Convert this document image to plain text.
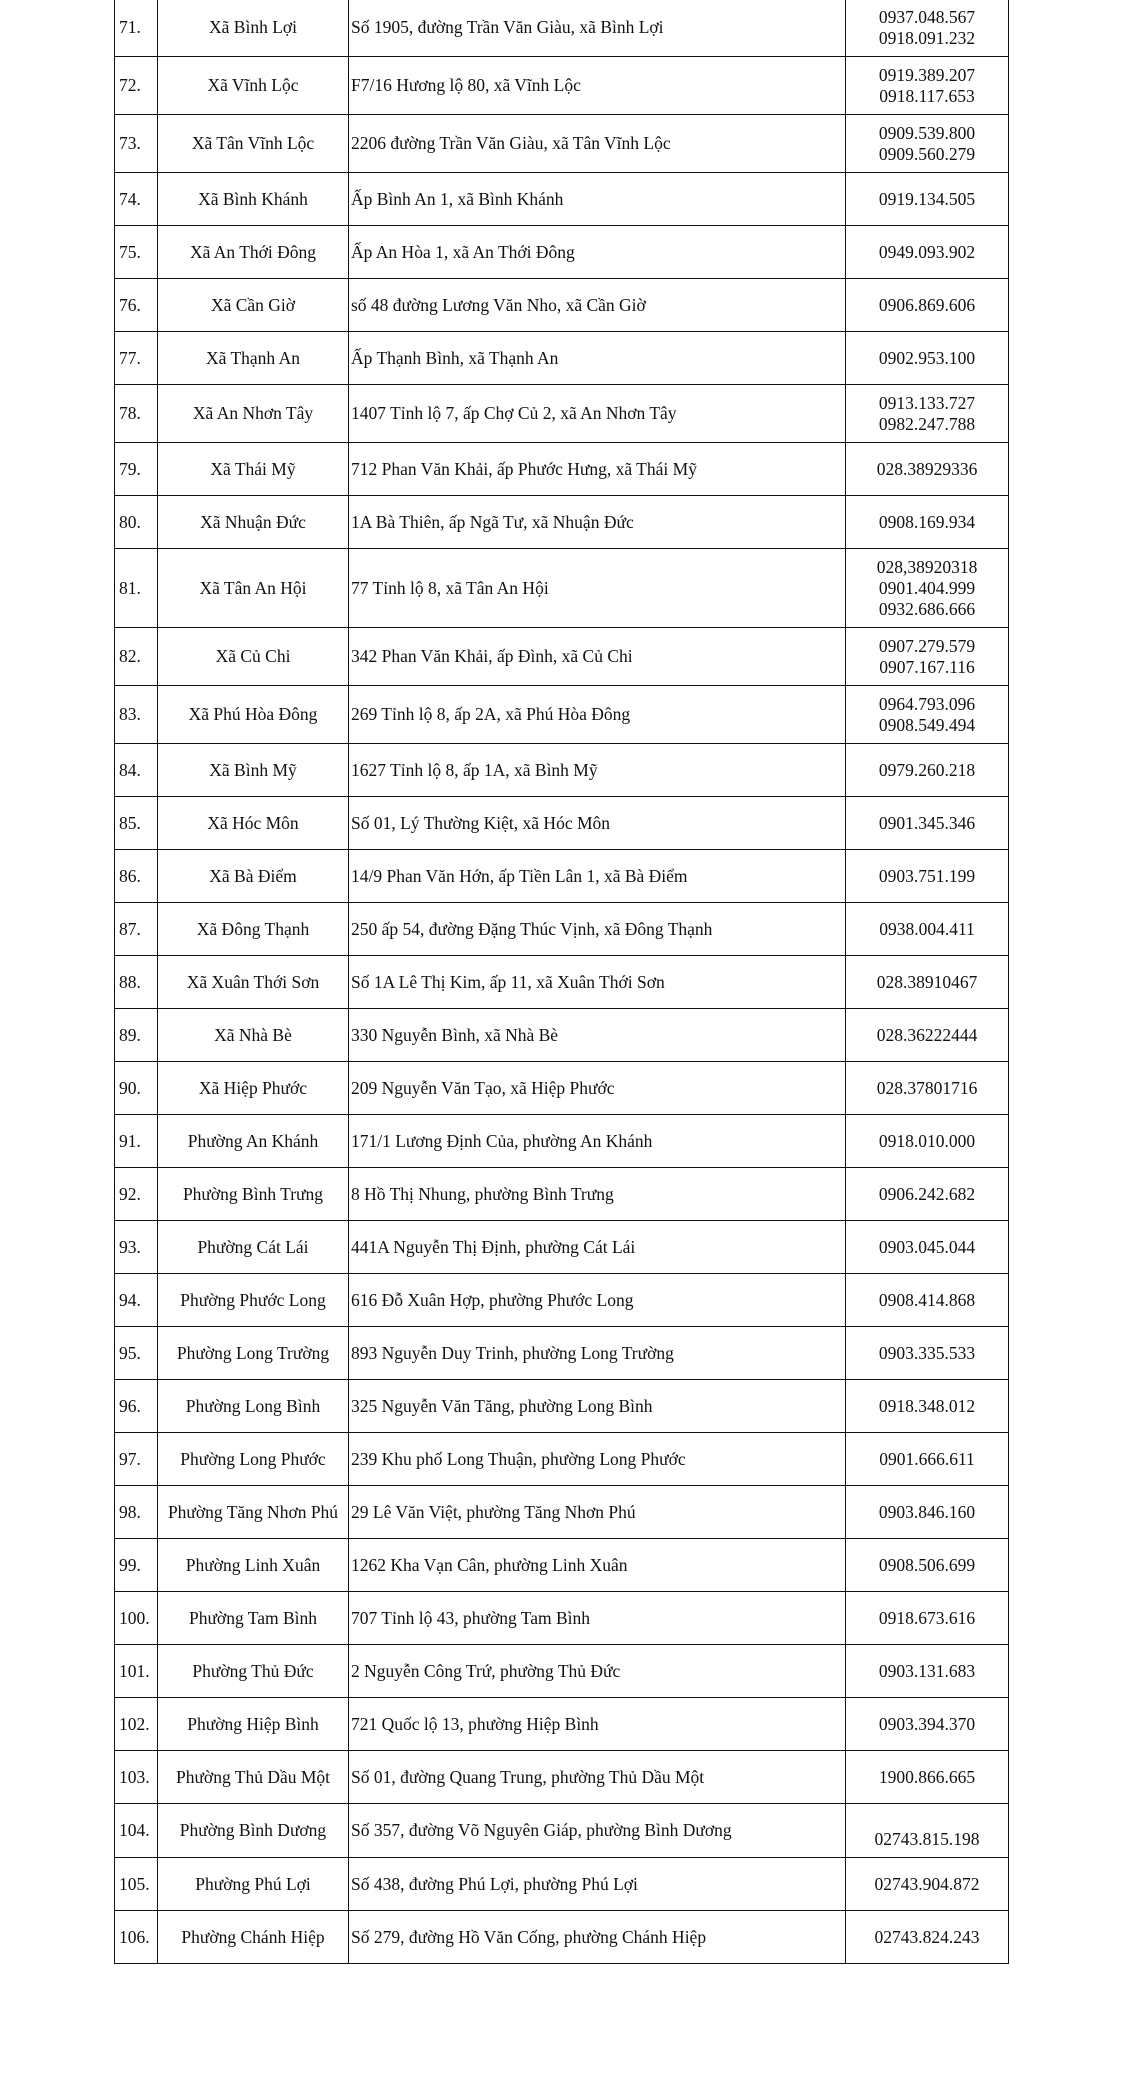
71.	Xã Bình Lợi	Số 1905, đường Trần Văn Giàu, xã Bình Lợi	0937.048.567
0918.091.232

72.	Xã Vĩnh Lộc	F7/16 Hương lộ 80, xã Vĩnh Lộc	0919.389.207
0918.117.653

73.	Xã Tân Vĩnh Lộc	2206 đường Trần Văn Giàu, xã Tân Vĩnh Lộc	0909.539.800
0909.560.279

74.	Xã Bình Khánh	Ấp Bình An 1, xã Bình Khánh	0919.134.505

75.	Xã An Thới Đông	Ấp An Hòa 1, xã An Thới Đông	0949.093.902

76.	Xã Cần Giờ	số 48 đường Lương Văn Nho, xã Cần Giờ	0906.869.606

77.	Xã Thạnh An	Ấp Thạnh Bình, xã Thạnh An	0902.953.100

78.	Xã An Nhơn Tây	1407 Tỉnh lộ 7, ấp Chợ Củ 2, xã An Nhơn Tây	0913.133.727
0982.247.788

79.	Xã Thái Mỹ	712 Phan Văn Khải, ấp Phước Hưng, xã Thái Mỹ	028.38929336

80.	Xã Nhuận Đức	1A Bà Thiên, ấp Ngã Tư, xã Nhuận Đức	0908.169.934

81.	Xã Tân An Hội	77 Tỉnh lộ 8, xã Tân An Hội	028,38920318
0901.404.999
0932.686.666

82.	Xã Củ Chi	342 Phan Văn Khải, ấp Đình, xã Củ Chi	0907.279.579
0907.167.116

83.	Xã Phú Hòa Đông	269 Tỉnh lộ 8, ấp 2A, xã Phú Hòa Đông	0964.793.096
0908.549.494

84.	Xã Bình Mỹ	1627 Tỉnh lộ 8, ấp 1A, xã Bình Mỹ	0979.260.218

85.	Xã Hóc Môn	Số 01, Lý Thường Kiệt, xã Hóc Môn	0901.345.346

86.	Xã Bà Điểm	14/9 Phan Văn Hớn, ấp Tiền Lân 1, xã Bà Điểm	0903.751.199

87.	Xã Đông Thạnh	250 ấp 54, đường Đặng Thúc Vịnh, xã Đông Thạnh	0938.004.411

88.	Xã Xuân Thới Sơn	Số 1A Lê Thị Kim, ấp 11, xã Xuân Thới Sơn	028.38910467

89.	Xã Nhà Bè	330 Nguyễn Bình, xã Nhà Bè	028.36222444

90.	Xã Hiệp Phước	209 Nguyễn Văn Tạo, xã Hiệp Phước	028.37801716

91.	Phường An Khánh	171/1 Lương Định Của, phường An Khánh	0918.010.000

92.	Phường Bình Trưng	8 Hồ Thị Nhung, phường Bình Trưng	0906.242.682

93.	Phường Cát Lái	441A Nguyễn Thị Định, phường Cát Lái	0903.045.044

94.	Phường Phước Long	616 Đỗ Xuân Hợp, phường Phước Long	0908.414.868

95.	Phường Long Trường	893 Nguyễn Duy Trinh, phường Long Trường	0903.335.533

96.	Phường Long Bình	325 Nguyễn Văn Tăng, phường Long Bình	0918.348.012

97.	Phường Long Phước	239 Khu phố Long Thuận, phường Long Phước	0901.666.611

98.	Phường Tăng Nhơn Phú	29 Lê Văn Việt, phường Tăng Nhơn Phú	0903.846.160

99.	Phường Linh Xuân	1262 Kha Vạn Cân, phường Linh Xuân	0908.506.699

100.	Phường Tam Bình	707 Tỉnh lộ 43, phường Tam Bình	0918.673.616

101.	Phường Thủ Đức	2 Nguyễn Công Trứ, phường Thủ Đức	0903.131.683

102.	Phường Hiệp Bình	721 Quốc lộ 13, phường Hiệp Bình	0903.394.370

103.	Phường Thủ Dầu Một	Số 01, đường Quang Trung, phường Thủ Dầu Một	1900.866.665

104.	Phường Bình Dương	Số 357, đường Võ Nguyên Giáp, phường Bình Dương	02743.815.198

105.	Phường Phú Lợi	Số 438, đường Phú Lợi, phường Phú Lợi	02743.904.872

106.	Phường Chánh Hiệp	Số 279, đường Hồ Văn Cống, phường Chánh Hiệp	02743.824.243
